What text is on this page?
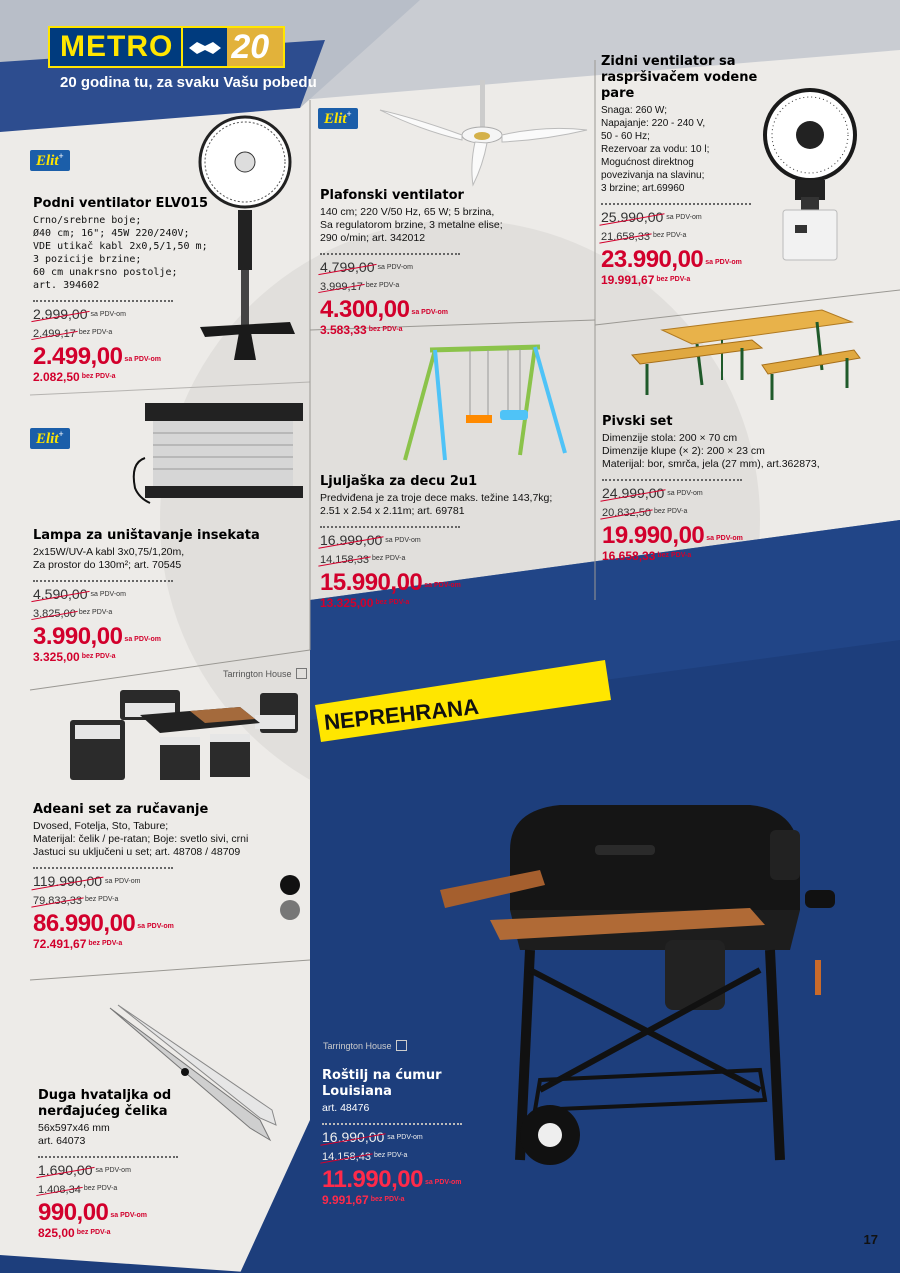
METRO 20
20 godina tu, za svaku Vašu pobedu
Elit+
Podni ventilator ELV015
Crno/srebrne boje;
Ø40 cm; 16"; 45W 220/240V;
VDE utikač kabl 2x0,5/1,50 m;
3 pozicije brzine;
60 cm unakrsno postolje;
art. 394602
2.999,00 sa PDV-om
2.499,17 bez PDV-a
2.499,00 sa PDV-om
2.082,50 bez PDV-a
Elit+
Plafonski ventilator
140 cm; 220 V/50 Hz, 65 W; 5 brzina,
Sa regulatorom brzine, 3 metalne elise;
290 o/min; art. 342012
4.799,00 sa PDV-om
3.999,17 bez PDV-a
4.300,00 sa PDV-om
3.583,33 bez PDV-a
Zidni ventilator sa raspršivačem vodene pare
Snaga: 260 W;
Napajanje: 220 - 240 V,
50 - 60 Hz;
Rezervoar za vodu: 10 l;
Mogućnost direktnog
povezivanja na slavinu;
3 brzine; art.69960
25.990,00 sa PDV-om
21.658,33 bez PDV-a
23.990,00 sa PDV-om
19.991,67 bez PDV-a
Pivski set
Dimenzije stola: 200 × 70 cm
Dimenzije klupe (× 2): 200 × 23 cm
Materijal: bor, smrča, jela (27 mm), art.362873,
24.999,00 sa PDV-om
20.832,50 bez PDV-a
19.990,00 sa PDV-om
16.658,33 bez PDV-a
Ljuljaška za decu 2u1
Predviđena je za troje dece maks. težine 143,7kg;
2.51 x 2.54 x 2.11m; art. 69781
16.999,00 sa PDV-om
14.158,33 bez PDV-a
15.990,00 sa PDV-om
13.325,00 bez PDV-a
Elit+
Lampa za uništavanje insekata
2x15W/UV-A kabl 3x0,75/1,20m,
Za prostor do 130m²; art. 70545
4.590,00 sa PDV-om
3.825,00 bez PDV-a
3.990,00 sa PDV-om
3.325,00 bez PDV-a
Tarrington House
Adeani set za ručavanje
Dvosed, Fotelja, Sto, Tabure;
Materijal: čelik / pe-ratan; Boje: svetlo sivi, crni
Jastuci su uključeni u set; art. 48708 / 48709
119.990,00 sa PDV-om
79.833,33 bez PDV-a
86.990,00 sa PDV-om
72.491,67 bez PDV-a
Duga hvataljka od nerđajućeg čelika
56x597x46 mm
art. 64073
1.690,00 sa PDV-om
1.408,34 bez PDV-a
990,00 sa PDV-om
825,00 bez PDV-a
NEPREHRANA
Tarrington House
Roštilj na ćumur Louisiana
art. 48476
16.990,00 sa PDV-om
14.158,43 bez PDV-a
11.990,00 sa PDV-om
9.991,67 bez PDV-a
17
